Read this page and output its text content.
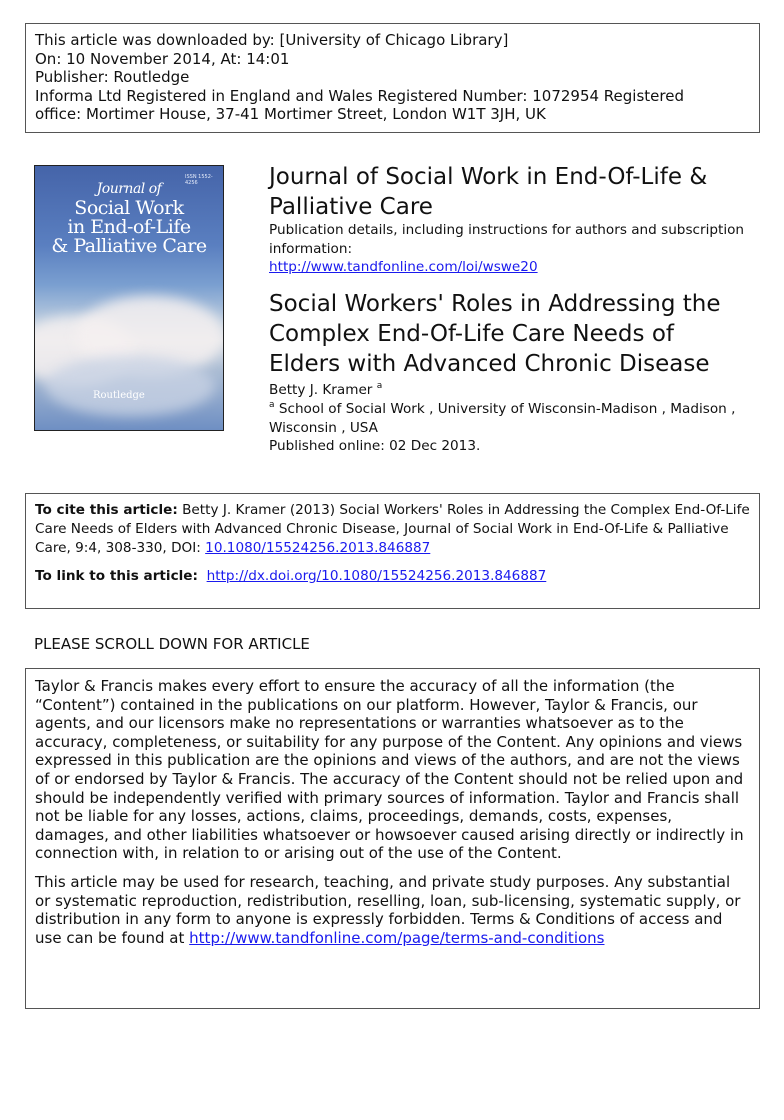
This article was downloaded by: [University of Chicago Library]
On: 10 November 2014, At: 14:01
Publisher: Routledge
Informa Ltd Registered in England and Wales Registered Number: 1072954 Registered
office: Mortimer House, 37-41 Mortimer Street, London W1T 3JH, UK
ISSN 1552-4256
Journal of
Social Work
in End-of-Life
& Palliative Care
Routledge
Journal of Social Work in End-Of-Life & Palliative Care
Publication details, including instructions for authors and subscription information:
http://www.tandfonline.com/loi/wswe20
Social Workers' Roles in Addressing the Complex End-Of-Life Care Needs of Elders with Advanced Chronic Disease
Betty J. Kramer $^a$
$^a$ School of Social Work , University of Wisconsin-Madison , Madison , Wisconsin , USA
Published online: 02 Dec 2013.

To cite this article: Betty J. Kramer (2013) Social Workers' Roles in Addressing the Complex End-Of-Life Care Needs of Elders with Advanced Chronic Disease, Journal of Social Work in End-Of-Life & Palliative Care, 9:4, 308-330, DOI: 10.1080/15524256.2013.846887

To link to this article: http://dx.doi.org/10.1080/15524256.2013.846887

PLEASE SCROLL DOWN FOR ARTICLE

Taylor & Francis makes every effort to ensure the accuracy of all the information (the “Content”) contained in the publications on our platform. However, Taylor & Francis, our agents, and our licensors make no representations or warranties whatsoever as to the accuracy, completeness, or suitability for any purpose of the Content. Any opinions and views expressed in this publication are the opinions and views of the authors, and are not the views of or endorsed by Taylor & Francis. The accuracy of the Content should not be relied upon and should be independently verified with primary sources of information. Taylor and Francis shall not be liable for any losses, actions, claims, proceedings, demands, costs, expenses, damages, and other liabilities whatsoever or howsoever caused arising directly or indirectly in connection with, in relation to or arising out of the use of the Content.

This article may be used for research, teaching, and private study purposes. Any substantial or systematic reproduction, redistribution, reselling, loan, sub-licensing, systematic supply, or distribution in any form to anyone is expressly forbidden. Terms & Conditions of access and use can be found at http://www.tandfonline.com/page/terms-and-conditions
